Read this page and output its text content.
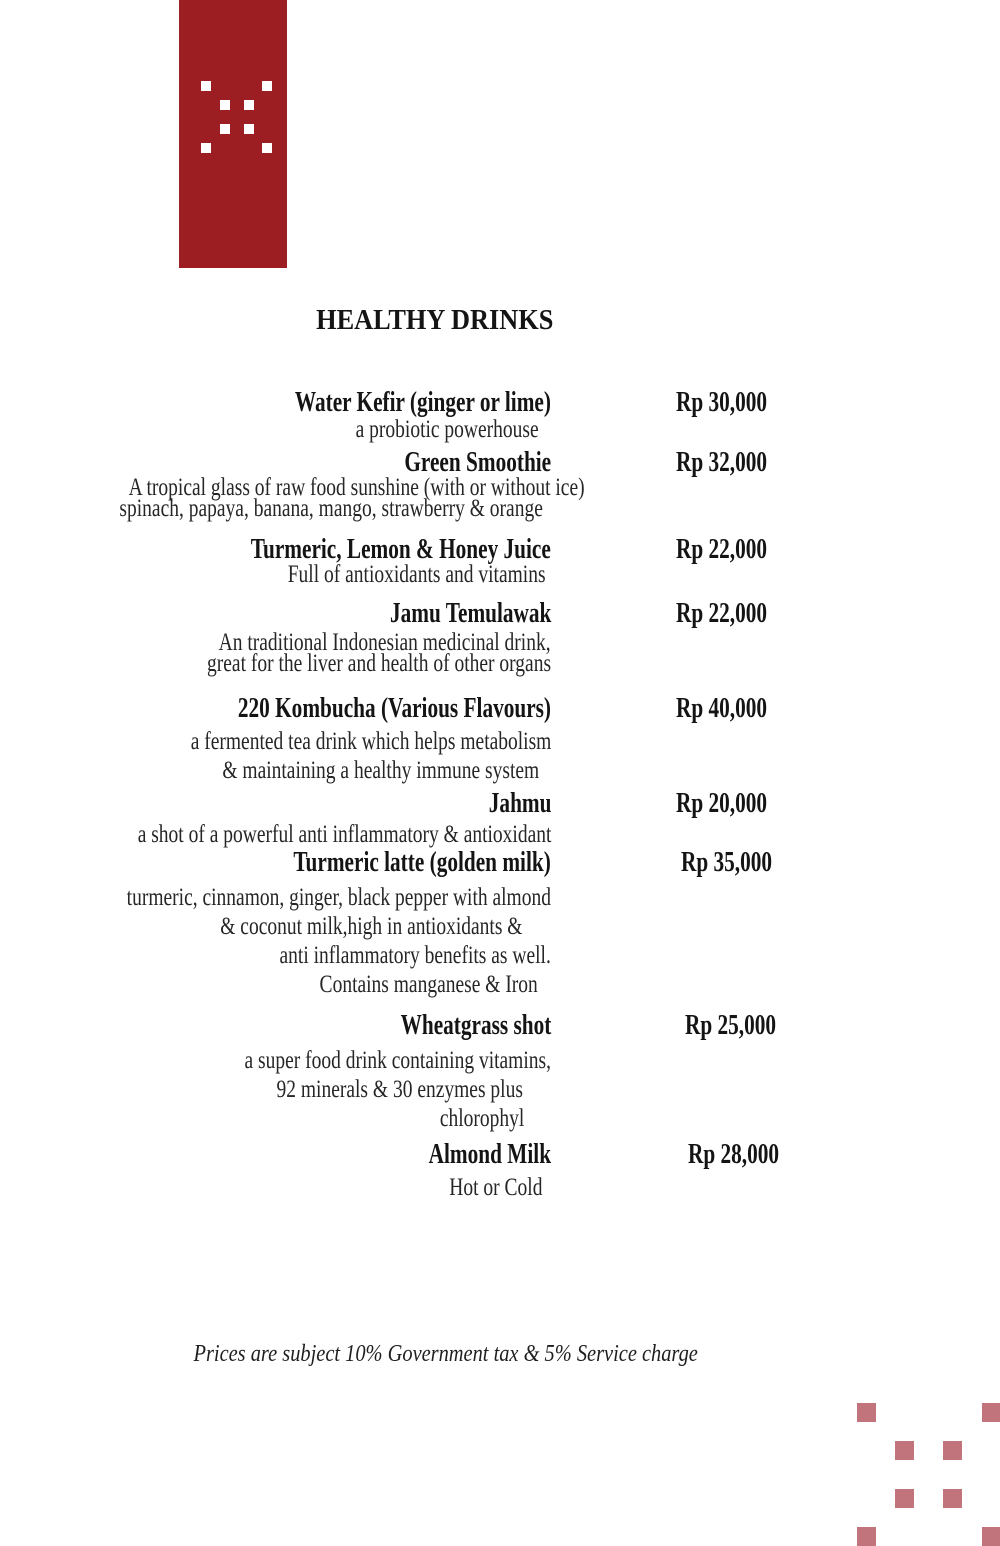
HEALTHY DRINKS
Water Kefir (ginger or lime)
a probiotic powerhouse
Rp 30,000
Green Smoothie
A tropical glass of raw food sunshine (with or without ice)
spinach, papaya, banana, mango, strawberry & orange
Rp 32,000
Turmeric, Lemon & Honey Juice
Full of antioxidants and vitamins
Rp 22,000
Jamu Temulawak
An traditional Indonesian medicinal drink,
great for the liver and health of other organs
Rp 22,000
220 Kombucha (Various Flavours)
a fermented tea drink which helps metabolism
& maintaining a healthy immune system
Rp 40,000
Jahmu
a shot of a powerful anti inflammatory & antioxidant
Rp 20,000
Turmeric latte (golden milk)
turmeric, cinnamon, ginger, black pepper with almond
& coconut milk,high in antioxidants &
anti inflammatory benefits as well.
Contains manganese & Iron
Rp 35,000
Wheatgrass shot
a super food drink containing vitamins,
92 minerals & 30 enzymes plus
chlorophyl
Rp 25,000
Almond Milk
Hot or Cold
Rp 28,000
Prices are subject 10% Government tax & 5% Service charge
